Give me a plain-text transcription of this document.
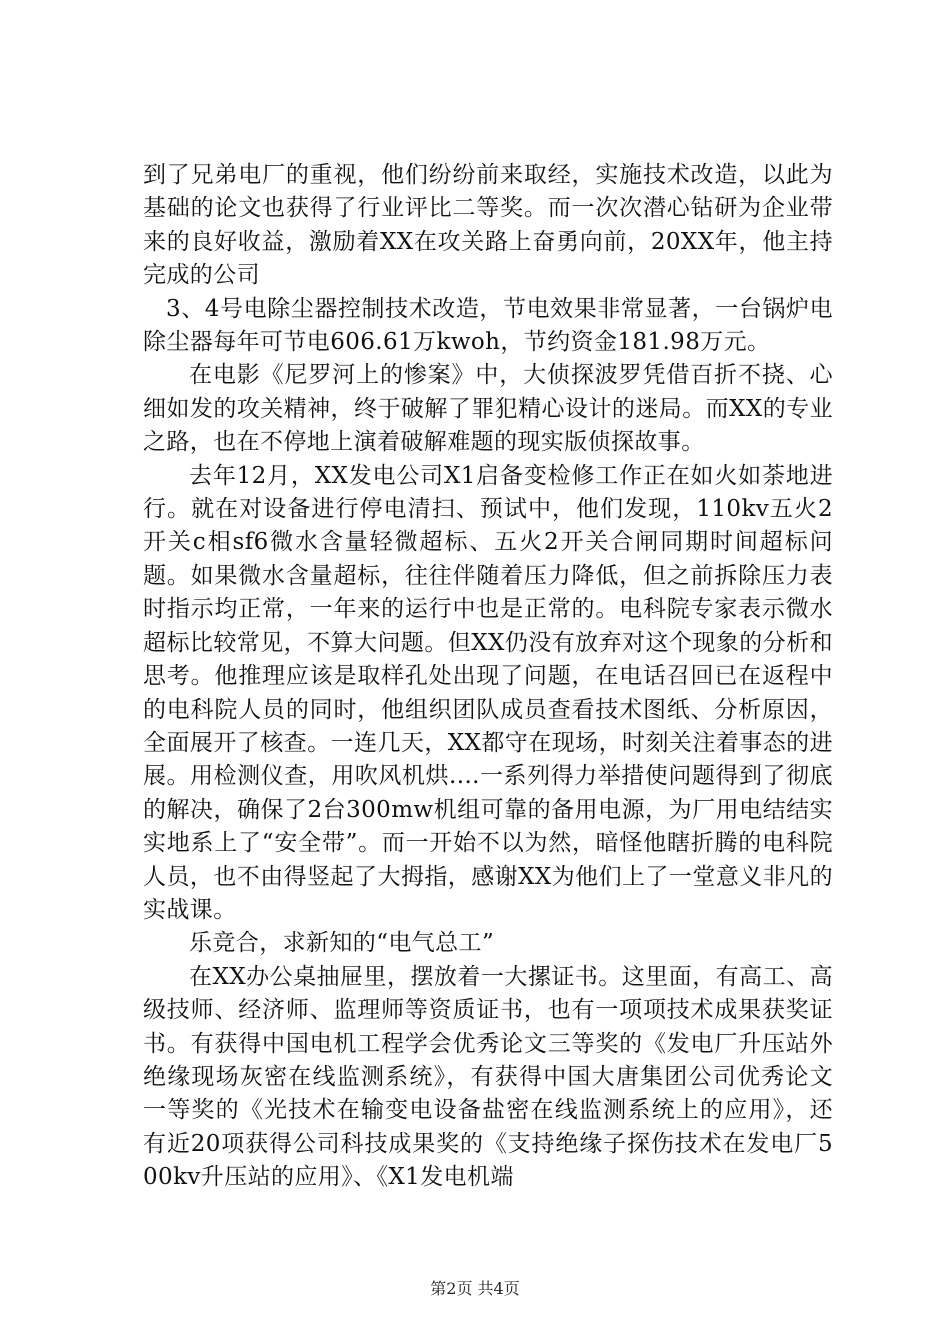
到了兄弟电厂的重视，他们纷纷前来取经，实施技术改造，以此为基础的论文也获得了行业评比二等奖。而一次次潜心钻研为企业带来的良好收益，激励着XX在攻关路上奋勇向前，20XX年，他主持完成的公司

3、4号电除尘器控制技术改造，节电效果非常显著，一台锅炉电除尘器每年可节电606.61万kwoh，节约资金181.98万元。

在电影《尼罗河上的惨案》中，大侦探波罗凭借百折不挠、心细如发的攻关精神，终于破解了罪犯精心设计的迷局。而XX的专业之路，也在不停地上演着破解难题的现实版侦探故事。

去年12月，XX发电公司X1启备变检修工作正在如火如荼地进行。就在对设备进行停电清扫、预试中，他们发现，110kv五火2开关c相sf6微水含量轻微超标、五火2开关合闸同期时间超标问题。如果微水含量超标，往往伴随着压力降低，但之前拆除压力表时指示均正常，一年来的运行中也是正常的。电科院专家表示微水超标比较常见，不算大问题。但XX仍没有放弃对这个现象的分析和思考。他推理应该是取样孔处出现了问题，在电话召回已在返程中的电科院人员的同时，他组织团队成员查看技术图纸、分析原因，全面展开了核查。一连几天，XX都守在现场，时刻关注着事态的进展。用检测仪查，用吹风机烘....一系列得力举措使问题得到了彻底的解决，确保了2台300mw机组可靠的备用电源，为厂用电结结实实地系上了“安全带”。而一开始不以为然，暗怪他瞎折腾的电科院人员，也不由得竖起了大拇指，感谢XX为他们上了一堂意义非凡的实战课。

乐竞合，求新知的“电气总工”

在XX办公桌抽屉里，摆放着一大摞证书。这里面，有高工、高级技师、经济师、监理师等资质证书，也有一项项技术成果获奖证书。有获得中国电机工程学会优秀论文三等奖的《发电厂升压站外绝缘现场灰密在线监测系统》，有获得中国大唐集团公司优秀论文一等奖的《光技术在输变电设备盐密在线监测系统上的应用》，还有近20项获得公司科技成果奖的《支持绝缘子探伤技术在发电厂500kv升压站的应用》、《X1发电机端

第2页 共4页
